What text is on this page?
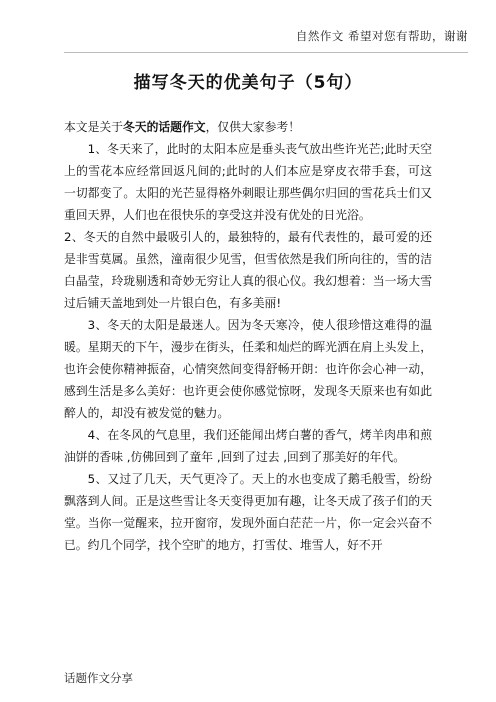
自然作文 希望对您有帮助，谢谢
描写冬天的优美句子（5句）

本文是关于冬天的话题作文，仅供大家参考！

1、冬天来了，此时的太阳本应是垂头丧气放出些许光芒;此时天空上的雪花本应经常回返凡间的;此时的人们本应是穿皮衣带手套，可这一切都变了。太阳的光芒显得格外刺眼让那些偶尔归回的雪花兵士们又重回天界，人们也在很快乐的享受这并没有优处的日光浴。

2、冬天的自然中最吸引人的，最独特的，最有代表性的，最可爱的还是非雪莫属。虽然，潼南很少见雪，但雪依然是我们所向往的，雪的洁白晶莹，玲珑剔透和奇妙无穷让人真的很心仪。我幻想着：当一场大雪过后铺天盖地到处一片银白色，有多美丽!

3、冬天的太阳是最迷人。因为冬天寒冷，使人很珍惜这难得的温暖。星期天的下午，漫步在街头，任柔和灿烂的晖光洒在肩上头发上，也许会使你精神振奋，心情突然间变得舒畅开朗：也许你会心神一动，感到生活是多么美好：也许更会使你感觉惊呀，发现冬天原来也有如此醉人的，却没有被发觉的魅力。

4、在冬风的气息里，我们还能闻出烤白薯的香气，烤羊肉串和煎油饼的香味 ,仿佛回到了童年 ,回到了过去 ,回到了那美好的年代。

5、又过了几天，天气更冷了。天上的水也变成了鹅毛般雪，纷纷飘落到人间。正是这些雪让冬天变得更加有趣，让冬天成了孩子们的天堂。当你一觉醒来，拉开窗帘，发现外面白茫茫一片，你一定会兴奋不已。约几个同学，找个空旷的地方，打雪仗、堆雪人，好不开

话题作文分享
